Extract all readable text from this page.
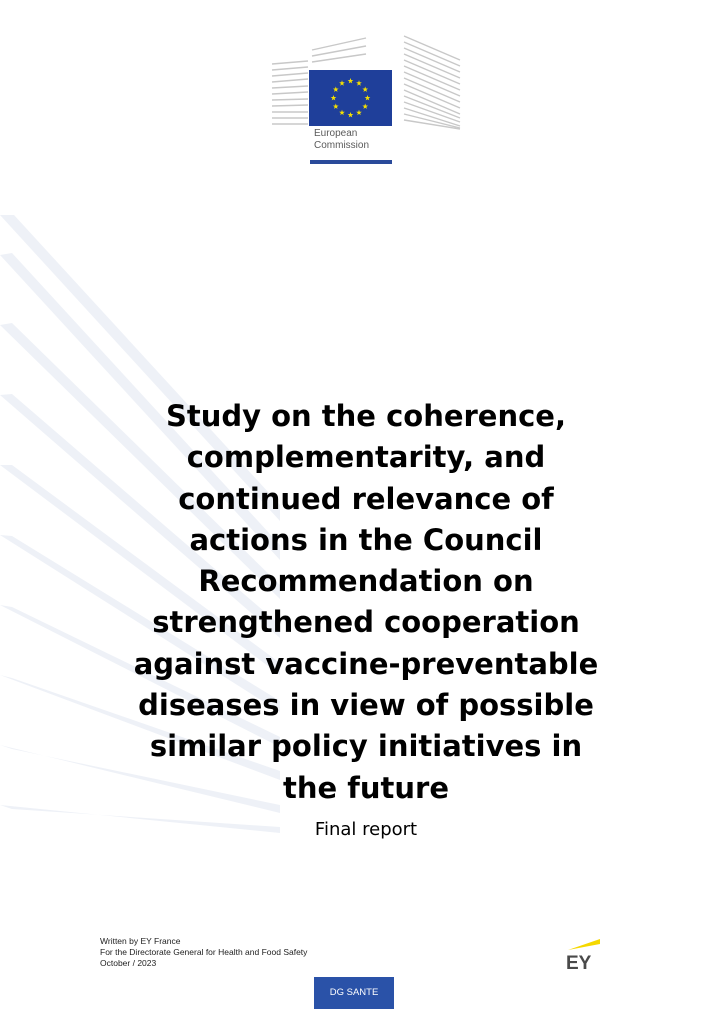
European
Commission
Study on the coherence,
complementarity, and
continued relevance of
actions in the Council
Recommendation on
strengthened cooperation
against vaccine-preventable
diseases in view of possible
similar policy initiatives in
the future
Final report
Written by EY France
For the Directorate General for Health and Food Safety
October / 2023	EY
DG SANTE
